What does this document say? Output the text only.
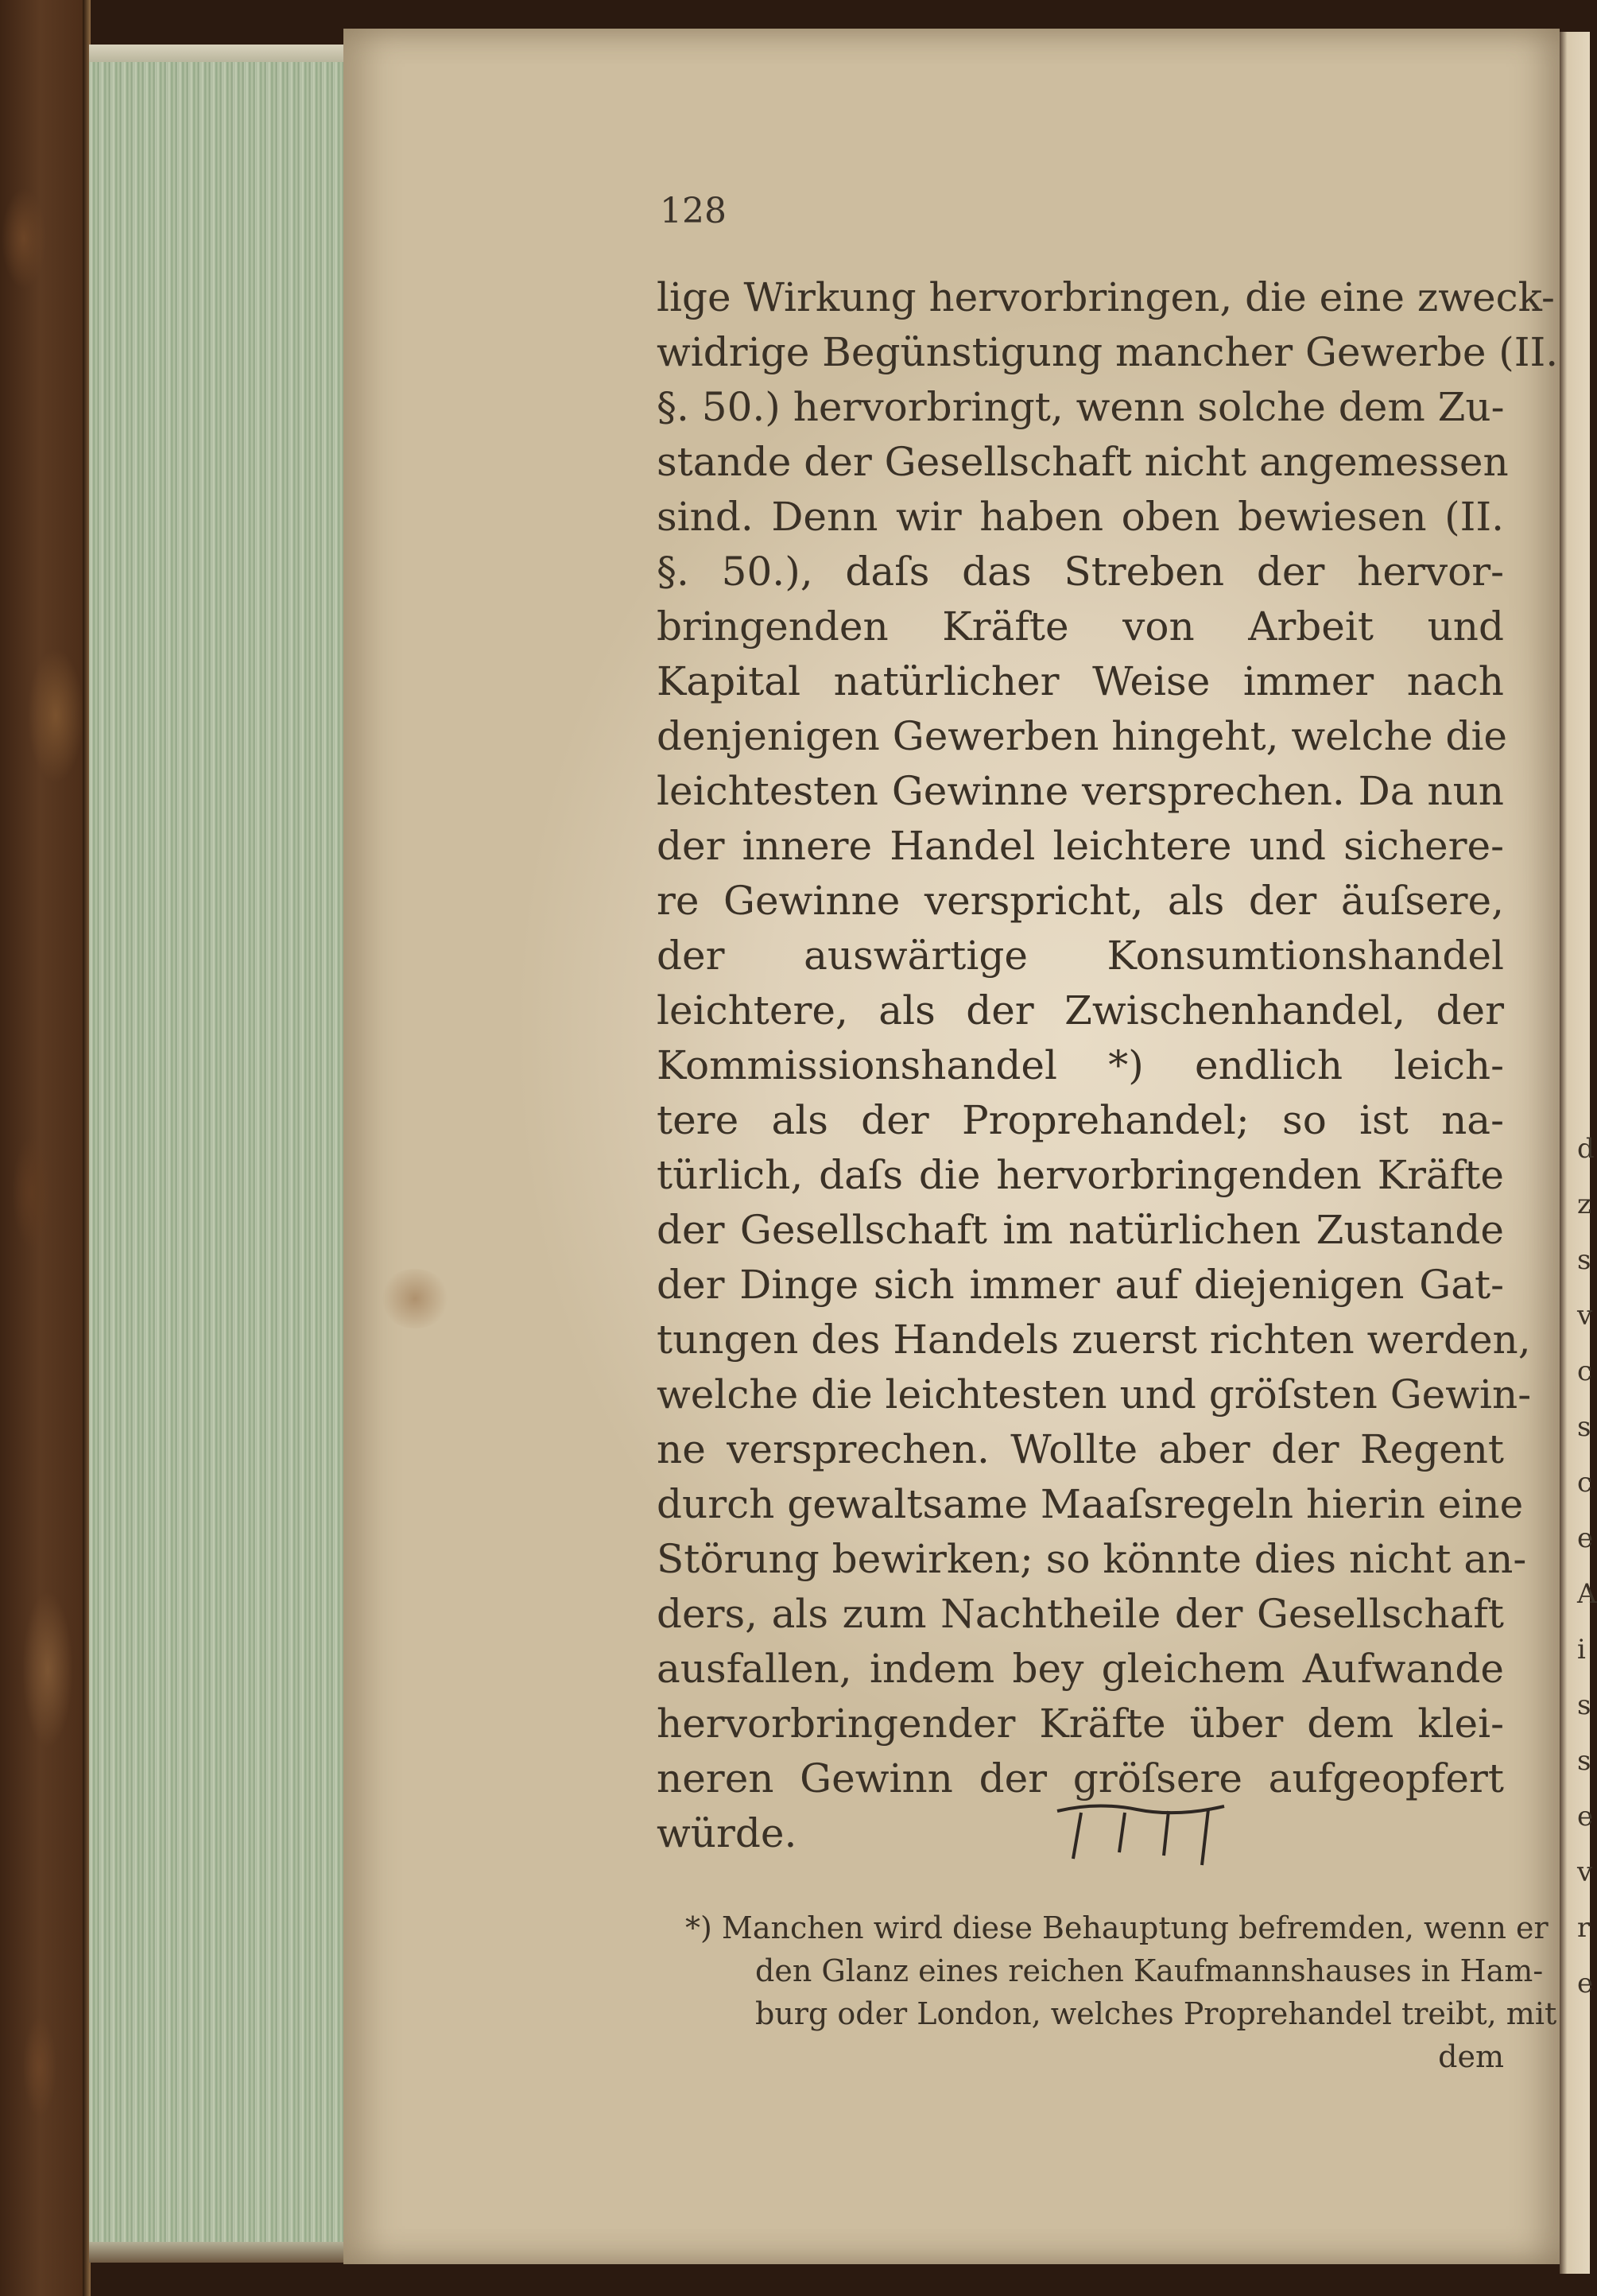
128
lige Wirkung hervorbringen, die eine zweck-
widrige Begünstigung mancher Gewerbe (II.
§. 50.) hervorbringt, wenn solche dem Zu-
stande der Gesellschaft nicht angemessen
sind. Denn wir haben oben bewiesen (II.
§. 50.), daſs das Streben der hervor-
bringenden Kräfte von Arbeit und
Kapital natürlicher Weise immer nach
denjenigen Gewerben hingeht, welche die
leichtesten Gewinne versprechen. Da nun
der innere Handel leichtere und sichere-
re Gewinne verspricht, als der äuſsere,
der auswärtige Konsumtionshandel
leichtere, als der Zwischenhandel, der
Kommissionshandel *) endlich leich-
tere als der Proprehandel; so ist na-
türlich, daſs die hervorbringenden Kräfte
der Gesellschaft im natürlichen Zustande
der Dinge sich immer auf diejenigen Gat-
tungen des Handels zuerst richten werden,
welche die leichtesten und gröſsten Gewin-
ne versprechen. Wollte aber der Regent
durch gewaltsame Maaſsregeln hierin eine
Störung bewirken; so könnte dies nicht an-
ders, als zum Nachtheile der Gesellschaft
ausfallen, indem bey gleichem Aufwande
hervorbringender Kräfte über dem klei-
neren Gewinn der gröſsere aufgeopfert
würde.
*) Manchen wird diese Behauptung befremden, wenn er
den Glanz eines reichen Kaufmannshauses in Ham-
burg oder London, welches Proprehandel treibt, mit
dem
d
z
s
v
c
s
c
e
A
i
s
s
e
v
r
e
